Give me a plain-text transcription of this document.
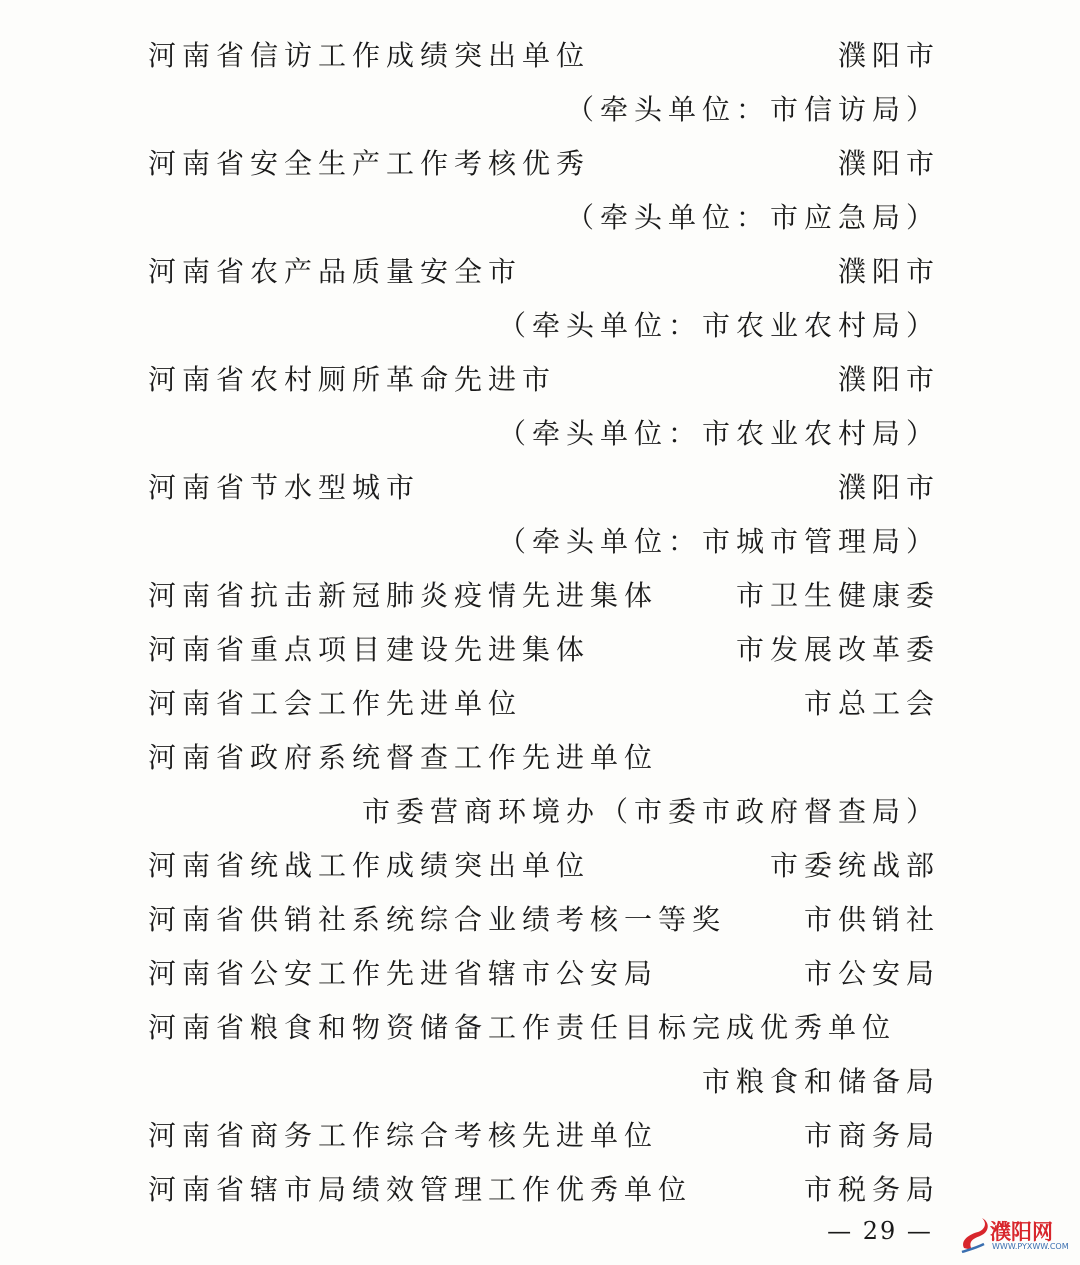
河南省信访工作成绩突出单位	濮阳市
（牵头单位：市信访局）
河南省安全生产工作考核优秀	濮阳市
（牵头单位：市应急局）
河南省农产品质量安全市	濮阳市
（牵头单位：市农业农村局）
河南省农村厕所革命先进市	濮阳市
（牵头单位：市农业农村局）
河南省节水型城市	濮阳市
（牵头单位：市城市管理局）
河南省抗击新冠肺炎疫情先进集体	市卫生健康委
河南省重点项目建设先进集体	市发展改革委
河南省工会工作先进单位	市总工会
河南省政府系统督查工作先进单位
市委营商环境办（市委市政府督查局）
河南省统战工作成绩突出单位	市委统战部
河南省供销社系统综合业绩考核一等奖	市供销社
河南省公安工作先进省辖市公安局	市公安局
河南省粮食和物资储备工作责任目标完成优秀单位
市粮食和储备局
河南省商务工作综合考核先进单位	市商务局
河南省辖市局绩效管理工作优秀单位	市税务局
— 29 —	濮阳网
WWW.PYXWW.COM
